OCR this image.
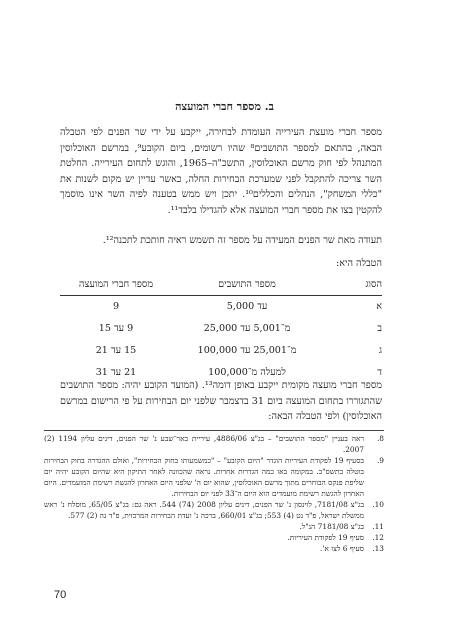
ב. מספר חברי המועצה

מספר חברי מועצת העירייה העומדת לבחירה, ייקבע על ידי שר הפנים לפי הטבלה הבאה, בהתאם למספר התושבים⁸ שהיו רשומים, ביום הקובע⁹, במרשם האוכלוסין המתנהל לפי חוק מרשם האוכלוסין, התשכ"ה–1965, והוגש לתחום העירייה. החלטת השר צריכה להתקבל לפני שמערכת הבחירות החלה, כאשר עדיין יש מקום לשנות את "כללי המשחק", הנהלים והכללים¹⁰. יתכן ויש ממש בטענה לפיה השר אינו מוסמך להקטין בצו את מספר חברי המועצה אלא להגדילו בלבד¹¹.

תעודה מאת שר הפנים המעידה על מספר זה תשמש ראיה חותכת לתכנה¹².

הטבלה היא:

הסוג	מספר התושבים	מספר חברי המועצה
א	עד 5,000	9
ב	מ־5,001 עד 25,000	9 עד 15
ג	מ־25,001 עד 100,000	15 עד 21
ד	למעלה מ־100,000	21 עד 31

מספר חברי מועצה מקומית ייקבע באופן דומה¹³. (המועד הקובע יהיה: מספר התושבים שהתגוררו בתחום המועצה ביום 31 בדצמבר שלפני יום הבחירות על פי הרישום במרשם האוכלוסין) ולפי הטבלה הבאה:

8.
ראה בעניין "מספר התושבים" – בג"צ 4886/06, עיריית באר־שבע נ' שר הפנים, דינים עליון 1194 (2) 2007.
9.
בסעיף 19 לפקודת העיריות הוגדר "היום הקובע" – "כמשמעותו בחוק הבחירות", ואולם ההגדרה בחוק הבחירות בוטלה בתשס"ב. במקומה באו כמה הגדרות אחרות. נראה שהכוונה לאחר התיקון היא שהיום הקובע יהיה יום שליפת פנקס הבוחרים מתוך מרשם האוכלוסין, שהוא יום ה' שלפני היום האחרון להגשת רשימת המועמדים. היום האחרון להגשת רשימת מועמדים הוא היום ה־33 לפני יום הבחירות.
10.
בג"צ 7181/08, לוינסון נ' שר הפנים, דינים עליון 2008 (74) 544. ראה גם: בג"צ 65/05, מוסלח נ' ראש ממשלת ישראל, פ"ד נט (4) 553; בג"צ 660/01, ברכה נ' ועדת הבחירות המרכזית, פ"ד נה (2) 577.
11.
בג"צ 7181/08 הנ"ל.
12.
סעיף 19 לפקודת העיריות.
13.
סעיף 6 לצו א'.
70
